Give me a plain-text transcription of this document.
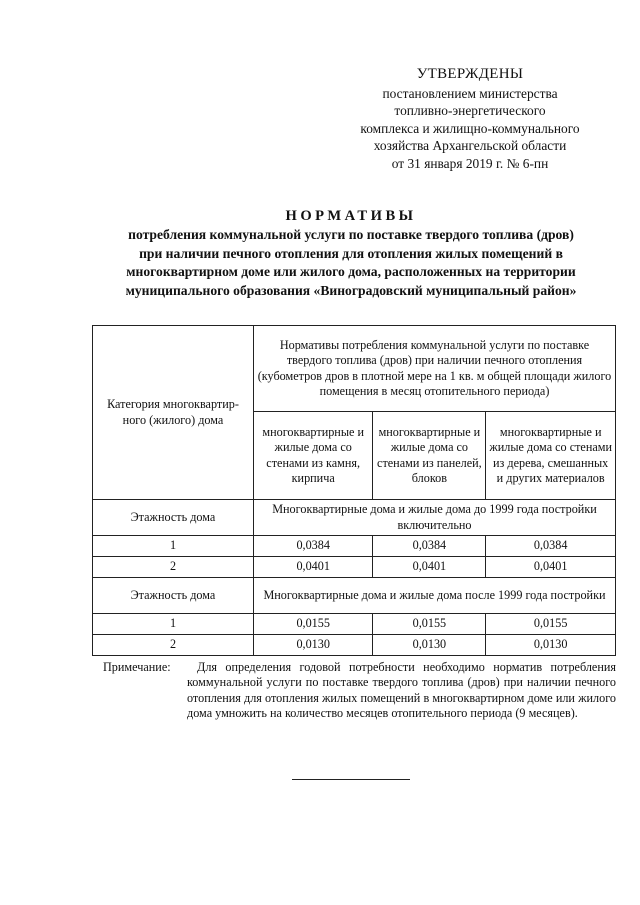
УТВЕРЖДЕНЫ
постановлением министерства
топливно-энергетического
комплекса и жилищно-коммунального
хозяйства Архангельской области
от 31 января 2019 г. № 6-пн
НОРМАТИВЫ
потребления коммунальной услуги по поставке твердого топлива (дров)
при наличии печного отопления для отопления жилых помещений в
многоквартирном доме или жилого дома, расположенных на территории
муниципального образования «Виноградовский муниципальный район»
Категория многоквартир-ного (жилого) дома	Нормативы потребления коммунальной услуги по поставке твердого топлива (дров) при наличии печного отопления (кубометров дров в плотной мере на 1 кв. м общей площади жилого помещения в месяц отопительного периода)		
	многоквартирные и жилые дома со стенами из камня, кирпича	многоквартирные и жилые дома со стенами из панелей, блоков	многоквартирные и жилые дома со стенами из дерева, смешанных и других материалов
Этажность дома	Многоквартирные дома и жилые дома до 1999 года постройки включительно		
1	0,0384	0,0384	0,0384
2	0,0401	0,0401	0,0401
Этажность дома	Многоквартирные дома и жилые дома после 1999 года постройки		
1	0,0155	0,0155	0,0155
2	0,0130	0,0130	0,0130
Примечание:	Для определения годовой потребности необходимо норматив потребления коммунальной услуги по поставке твердого топлива (дров) при наличии печного отопления для отопления жилых помещений в многоквартирном доме или жилого дома умножить на количество месяцев отопительного периода (9 месяцев).
